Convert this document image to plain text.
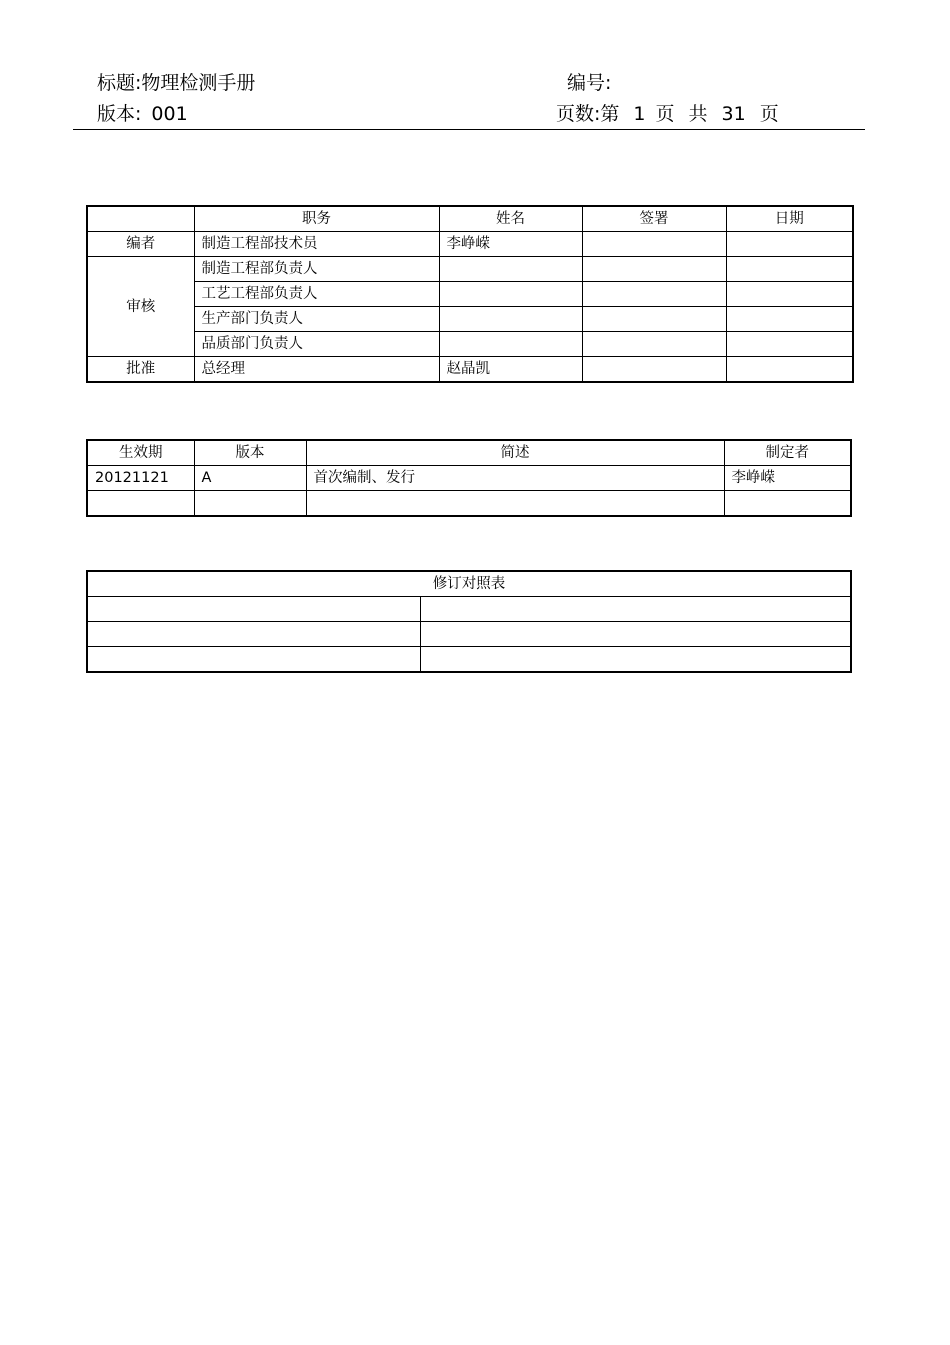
标题:物理检测手册	编号:
版本: 001	页数:第 1 页 共 31 页
	职务	姓名	签署	日期
编者	制造工程部技术员	李峥嵘		
审核	制造工程部负责人			
	工艺工程部负责人			
	生产部门负责人			
	品质部门负责人			
批准	总经理	赵晶凯		
生效期	版本	简述	制定者
20121121	A	首次编制、发行	李峥嵘

修订对照表	
